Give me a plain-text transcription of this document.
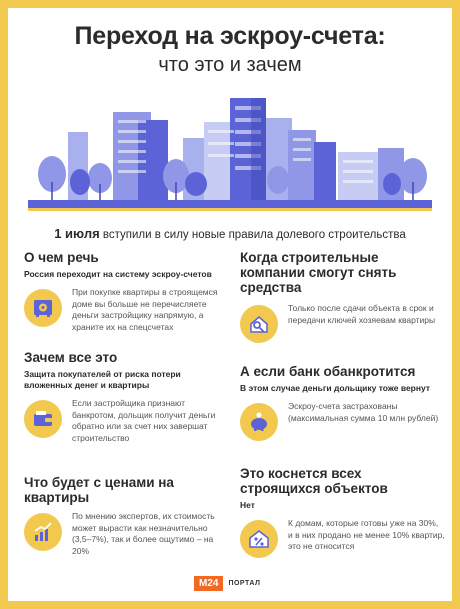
Переход на эскроу-счета:
что это и зачем
1 июля вступили в силу новые правила долевого строительства
О чем речь
Россия переходит на систему эскроу-счетов

При покупке квартиры в строящемся доме вы больше не перечисляете деньги застройщику напрямую, а храните их на спецсчетах

Когда строительные компании смогут снять средства

Только после сдачи объекта в срок и передачи ключей хозяевам квартиры

Зачем все это
Защита покупателей от риска потери вложенных денег и квартиры

Если застройщика признают банкротом, дольщик получит деньги обратно или за счет них завершат строительство

А если банк обанкротится
В этом случае деньги дольщику тоже вернут

Эскроу-счета застрахованы (максимальная сумма 10 млн рублей)

Что будет с ценами на квартиры

По мнению экспертов, их стоимость может вырасти как незначительно (3,5–7%), так и более ощутимо – на 20%

Это коснется всех строящихся объектов
Нет

К домам, которые готовы уже на 30%, и в них продано не менее 10% квартир, это не относится

M24	ПОРТАЛ
